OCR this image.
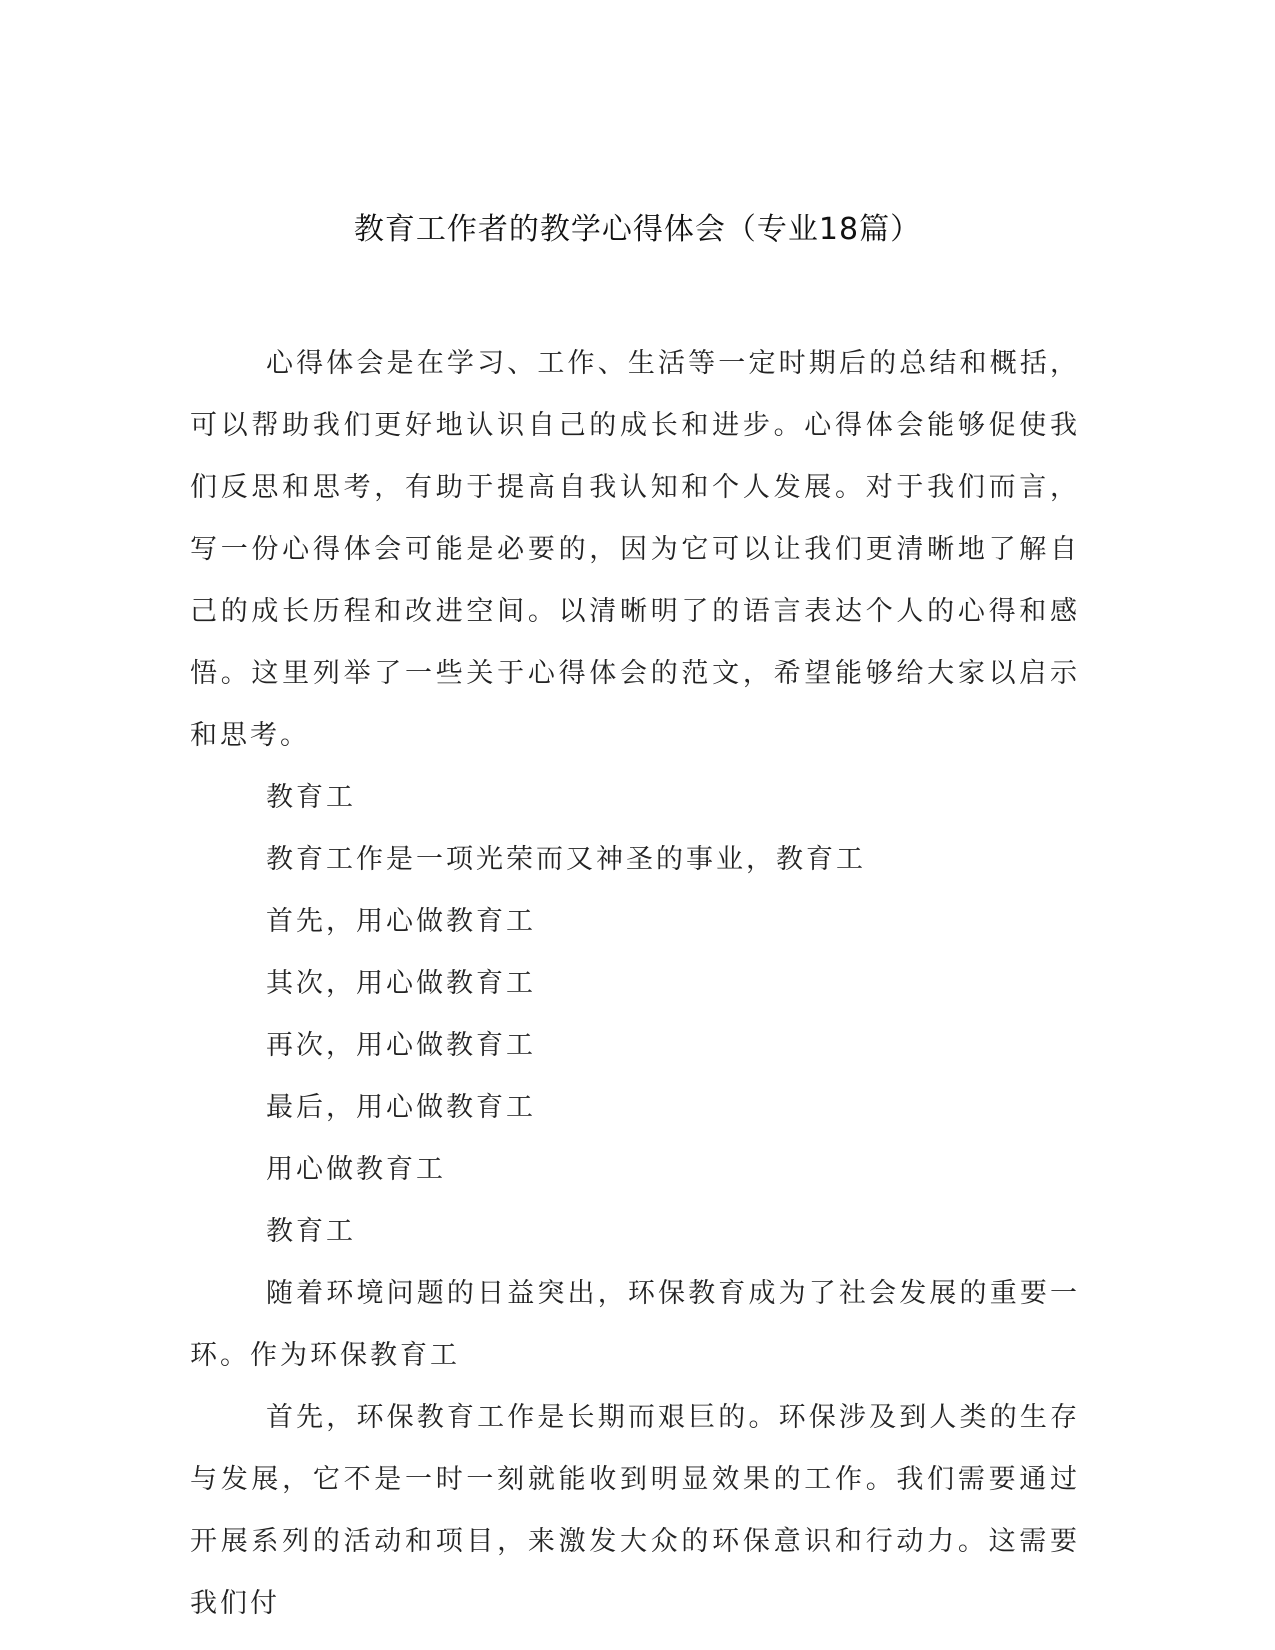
教育工作者的教学心得体会（专业18篇）

心得体会是在学习、工作、生活等一定时期后的总结和概括，可以帮助我们更好地认识自己的成长和进步。心得体会能够促使我们反思和思考，有助于提高自我认知和个人发展。对于我们而言，写一份心得体会可能是必要的，因为它可以让我们更清晰地了解自己的成长历程和改进空间。以清晰明了的语言表达个人的心得和感悟。这里列举了一些关于心得体会的范文，希望能够给大家以启示和思考。

教育工

教育工作是一项光荣而又神圣的事业，教育工

首先，用心做教育工

其次，用心做教育工

再次，用心做教育工

最后，用心做教育工

用心做教育工

教育工

随着环境问题的日益突出，环保教育成为了社会发展的重要一环。作为环保教育工

首先，环保教育工作是长期而艰巨的。环保涉及到人类的生存与发展，它不是一时一刻就能收到明显效果的工作。我们需要通过开展系列的活动和项目，来激发大众的环保意识和行动力。这需要我们付
